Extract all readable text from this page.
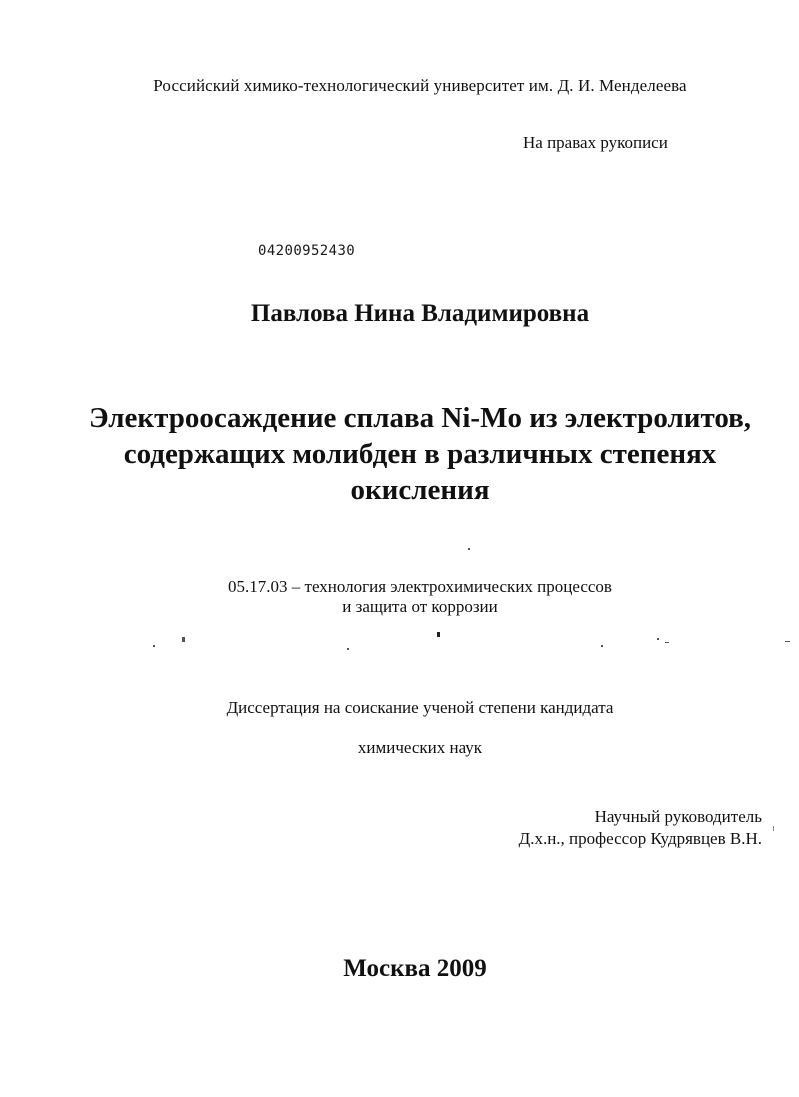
Российский химико-технологический университет им. Д. И. Менделеева
На правах рукописи
04200952430
Павлова Нина Владимировна
Электроосаждение сплава Ni-Mo из электролитов,
содержащих молибден в различных степенях
окисления
05.17.03 – технология электрохимических процессов
и защита от коррозии
Диссертация на соискание ученой степени кандидата
химических наук
Научный руководитель
Д.х.н., профессор Кудрявцев В.Н.
Москва 2009
